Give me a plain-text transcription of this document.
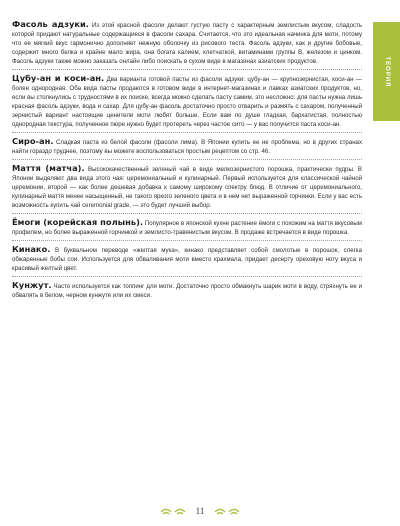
ТЕОРИЯ

Фасоль адзуки. Из этой красной фасоли делают густую пасту с характерным землистым вкусом, сладость которой придают натуральные содержащиеся в фасоли сахара. Считается, что это идеальная начинка для моти, потому что ее мягкий вкус гармонично дополняет нежную оболочку из рисового теста. Фасоль адзуки, как и другие бобовые, содержит много белка и крайне мало жира, она богата калием, клетчаткой, витаминами группы В, железом и цинком. Фасоль адзуки также можно заказать онлайн либо поискать в сухом виде в магазинах азиатских продуктов.

Цубу-ан и коси-ан. Два варианта готовой пасты из фасоли адзуки: цубу-ан — крупнозернистая, коси-ан — более однородная. Оба вида пасты продаются в готовом виде в интернет-магазинах и лавках азиатских продуктов, но, если вы столкнулись с трудностями в их поиске, всегда можно сделать пасту самим, это несложно: для пасты нужна лишь красная фасоль адзуки, вода и сахар. Для цубу-ан фасоль достаточно просто отварить и размять с сахаром, полученный зернистый вариант настоящие ценители моти любят больше. Если вам по душе гладкая, бархатистая, полностью однородная текстура, полученное пюре нужно будет протереть через частое сито — у вас получится паста коси-ан.

Сиро-ан. Сладкая паста из белой фасоли (фасоли лима). В Японии купить ее не проблема, но в других странах найти гораздо труднее, поэтому вы можете воспользоваться простым рецептом со стр. 46.

Маття (матча). Высококачественный зеленый чай в виде мелкозернистого порошка, практически пудры. В Японии выделяют два вида этого чая: церемониальный и кулинарный. Первый используется для классической чайной церемонии, второй — как более дешевая добавка к самому широкому спектру блюд. В отличие от церемониального, кулинарный маття менее насыщенный, не такого яркого зеленого цвета и в нем нет выраженной горчинки. Если у вас есть возможность купить чай ceremonial grade, — это будет лучший выбор.

Ёмоги (корейская полынь). Популярное в японской кухне растение ёмоги с похожим на маття вкусовым профилем, но более выраженной горчинкой и землисто-травянистым вкусом. В продаже встречается в виде порошка.

Кинако. В буквальном переводе «желтая мука», кинако представляет собой смолотые в порошок, слегка обжаренные бобы сои. Используется для обваливания моти вместо крахмала, придает десерту ореховую ноту вкуса и красивый желтый цвет.

Кунжут. Часто используется как топпинг для моти. Достаточно просто обмакнуть шарик моти в воду, стряхнуть ее и обвалять в белом, черном кунжуте или их смеси.

11
